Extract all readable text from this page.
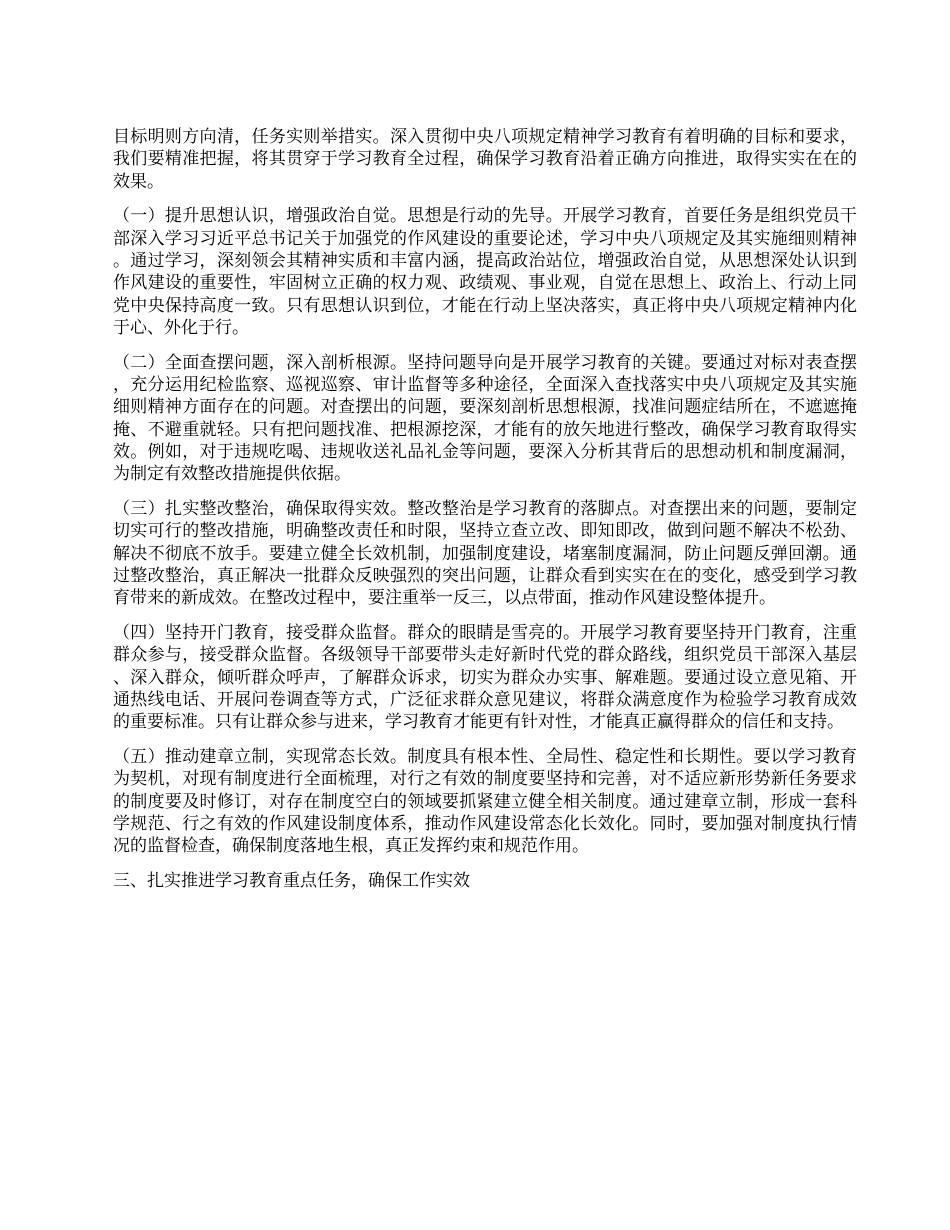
目标明则方向清，任务实则举措实。深入贯彻中央八项规定精神学习教育有着明确的目标和要求，我们要精准把握，将其贯穿于学习教育全过程，确保学习教育沿着正确方向推进，取得实实在在的效果。

（一）提升思想认识，增强政治自觉。思想是行动的先导。开展学习教育，首要任务是组织党员干部深入学习习近平总书记关于加强党的作风建设的重要论述，学习中央八项规定及其实施细则精神。通过学习，深刻领会其精神实质和丰富内涵，提高政治站位，增强政治自觉，从思想深处认识到作风建设的重要性，牢固树立正确的权力观、政绩观、事业观，自觉在思想上、政治上、行动上同党中央保持高度一致。只有思想认识到位，才能在行动上坚决落实，真正将中央八项规定精神内化于心、外化于行。

（二）全面查摆问题，深入剖析根源。坚持问题导向是开展学习教育的关键。要通过对标对表查摆，充分运用纪检监察、巡视巡察、审计监督等多种途径，全面深入查找落实中央八项规定及其实施细则精神方面存在的问题。对查摆出的问题，要深刻剖析思想根源，找准问题症结所在，不遮遮掩掩、不避重就轻。只有把问题找准、把根源挖深，才能有的放矢地进行整改，确保学习教育取得实效。例如，对于违规吃喝、违规收送礼品礼金等问题，要深入分析其背后的思想动机和制度漏洞，为制定有效整改措施提供依据。

（三）扎实整改整治，确保取得实效。整改整治是学习教育的落脚点。对查摆出来的问题，要制定切实可行的整改措施，明确整改责任和时限，坚持立查立改、即知即改，做到问题不解决不松劲、解决不彻底不放手。要建立健全长效机制，加强制度建设，堵塞制度漏洞，防止问题反弹回潮。通过整改整治，真正解决一批群众反映强烈的突出问题，让群众看到实实在在的变化，感受到学习教育带来的新成效。在整改过程中，要注重举一反三，以点带面，推动作风建设整体提升。

（四）坚持开门教育，接受群众监督。群众的眼睛是雪亮的。开展学习教育要坚持开门教育，注重群众参与，接受群众监督。各级领导干部要带头走好新时代党的群众路线，组织党员干部深入基层、深入群众，倾听群众呼声，了解群众诉求，切实为群众办实事、解难题。要通过设立意见箱、开通热线电话、开展问卷调查等方式，广泛征求群众意见建议，将群众满意度作为检验学习教育成效的重要标准。只有让群众参与进来，学习教育才能更有针对性，才能真正赢得群众的信任和支持。

（五）推动建章立制，实现常态长效。制度具有根本性、全局性、稳定性和长期性。要以学习教育为契机，对现有制度进行全面梳理，对行之有效的制度要坚持和完善，对不适应新形势新任务要求的制度要及时修订，对存在制度空白的领域要抓紧建立健全相关制度。通过建章立制，形成一套科学规范、行之有效的作风建设制度体系，推动作风建设常态化长效化。同时，要加强对制度执行情况的监督检查，确保制度落地生根，真正发挥约束和规范作用。

三、扎实推进学习教育重点任务，确保工作实效
